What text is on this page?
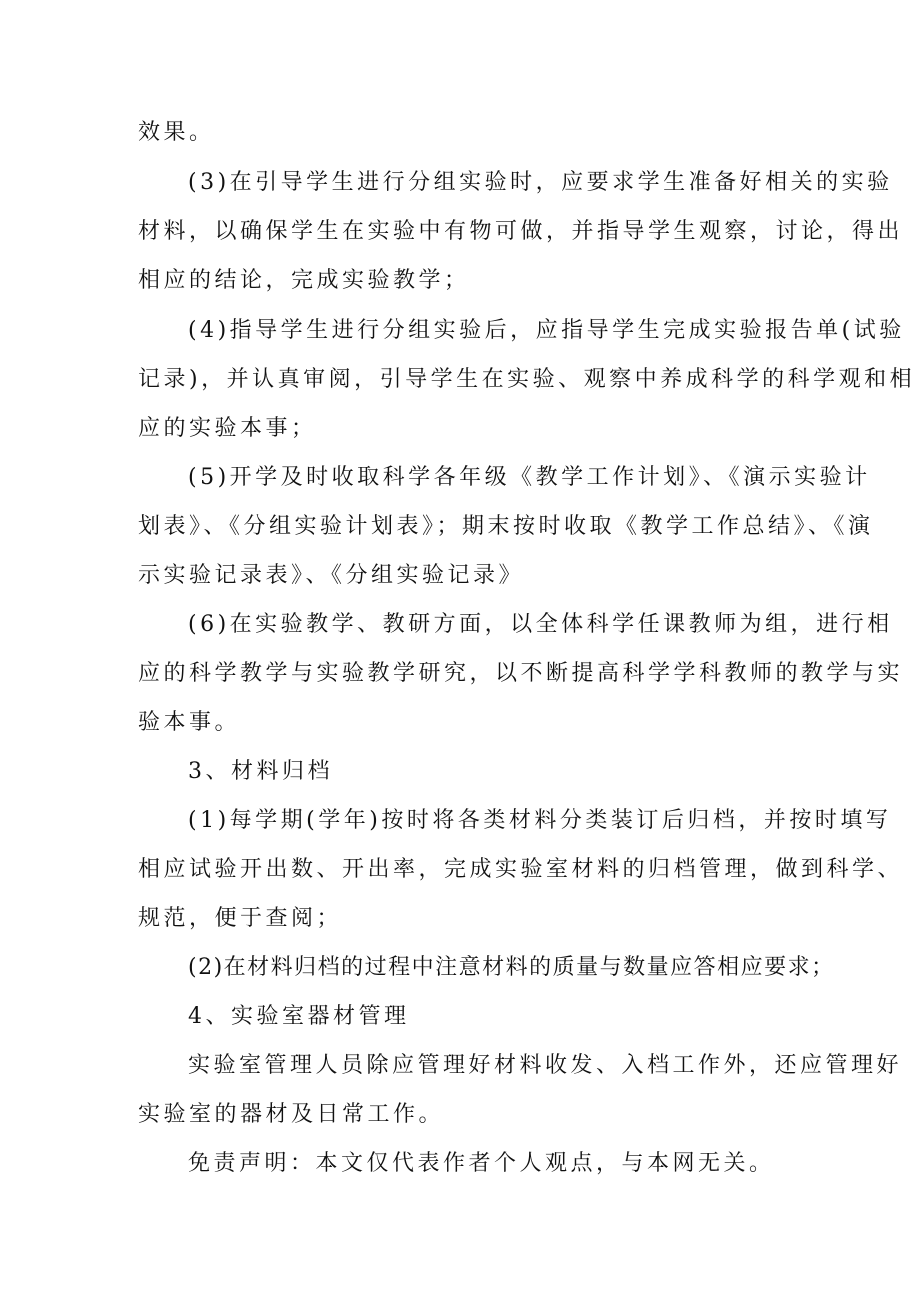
效果。
(3)在引导学生进行分组实验时，应要求学生准备好相关的实验
材料，以确保学生在实验中有物可做，并指导学生观察，讨论，得出
相应的结论，完成实验教学；
(4)指导学生进行分组实验后，应指导学生完成实验报告单(试验
记录)，并认真审阅，引导学生在实验、观察中养成科学的科学观和相
应的实验本事；
(5)开学及时收取科学各年级《教学工作计划》、《演示实验计
划表》、《分组实验计划表》；期末按时收取《教学工作总结》、《演
示实验记录表》、《分组实验记录》
(6)在实验教学、教研方面，以全体科学任课教师为组，进行相
应的科学教学与实验教学研究，以不断提高科学学科教师的教学与实
验本事。
3、材料归档
(1)每学期(学年)按时将各类材料分类装订后归档，并按时填写
相应试验开出数、开出率，完成实验室材料的归档管理，做到科学、
规范，便于查阅；
(2)在材料归档的过程中注意材料的质量与数量应答相应要求；
4、实验室器材管理
实验室管理人员除应管理好材料收发、入档工作外，还应管理好
实验室的器材及日常工作。
免责声明：本文仅代表作者个人观点，与本网无关。
